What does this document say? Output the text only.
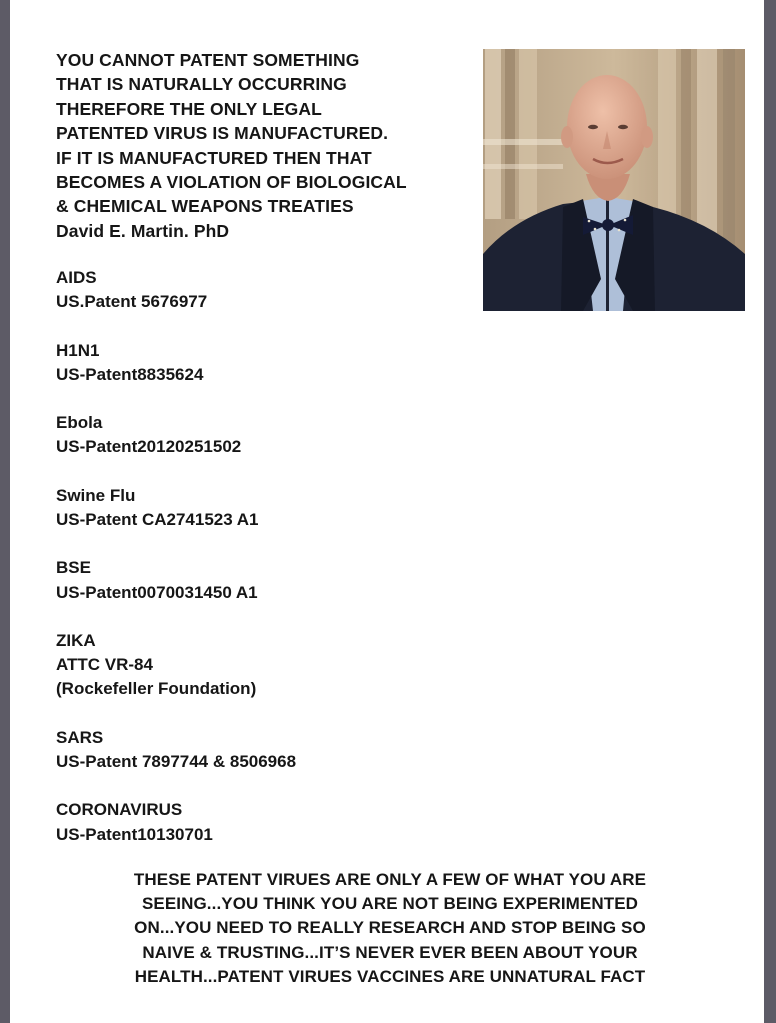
YOU CANNOT PATENT SOMETHING
THAT IS NATURALLY OCCURRING
THEREFORE THE ONLY LEGAL
PATENTED VIRUS IS MANUFACTURED.
IF IT IS MANUFACTURED THEN THAT
BECOMES A VIOLATION OF BIOLOGICAL
& CHEMICAL WEAPONS TREATIES
David E. Martin. PhD
AIDS
US.Patent 5676977
H1N1
US-Patent8835624
Ebola
US-Patent20120251502
Swine Flu
US-Patent CA2741523 A1
BSE
US-Patent0070031450 A1
ZIKA
ATTC VR-84
(Rockefeller Foundation)
SARS
US-Patent 7897744 & 8506968
CORONAVIRUS
US-Patent10130701
THESE PATENT VIRUES ARE ONLY A FEW OF WHAT YOU ARE
SEEING...YOU THINK YOU ARE NOT BEING EXPERIMENTED
ON...YOU NEED TO REALLY RESEARCH AND STOP BEING SO
NAIVE & TRUSTING...IT’S NEVER EVER BEEN ABOUT YOUR
HEALTH...PATENT VIRUES VACCINES ARE UNNATURAL FACT
